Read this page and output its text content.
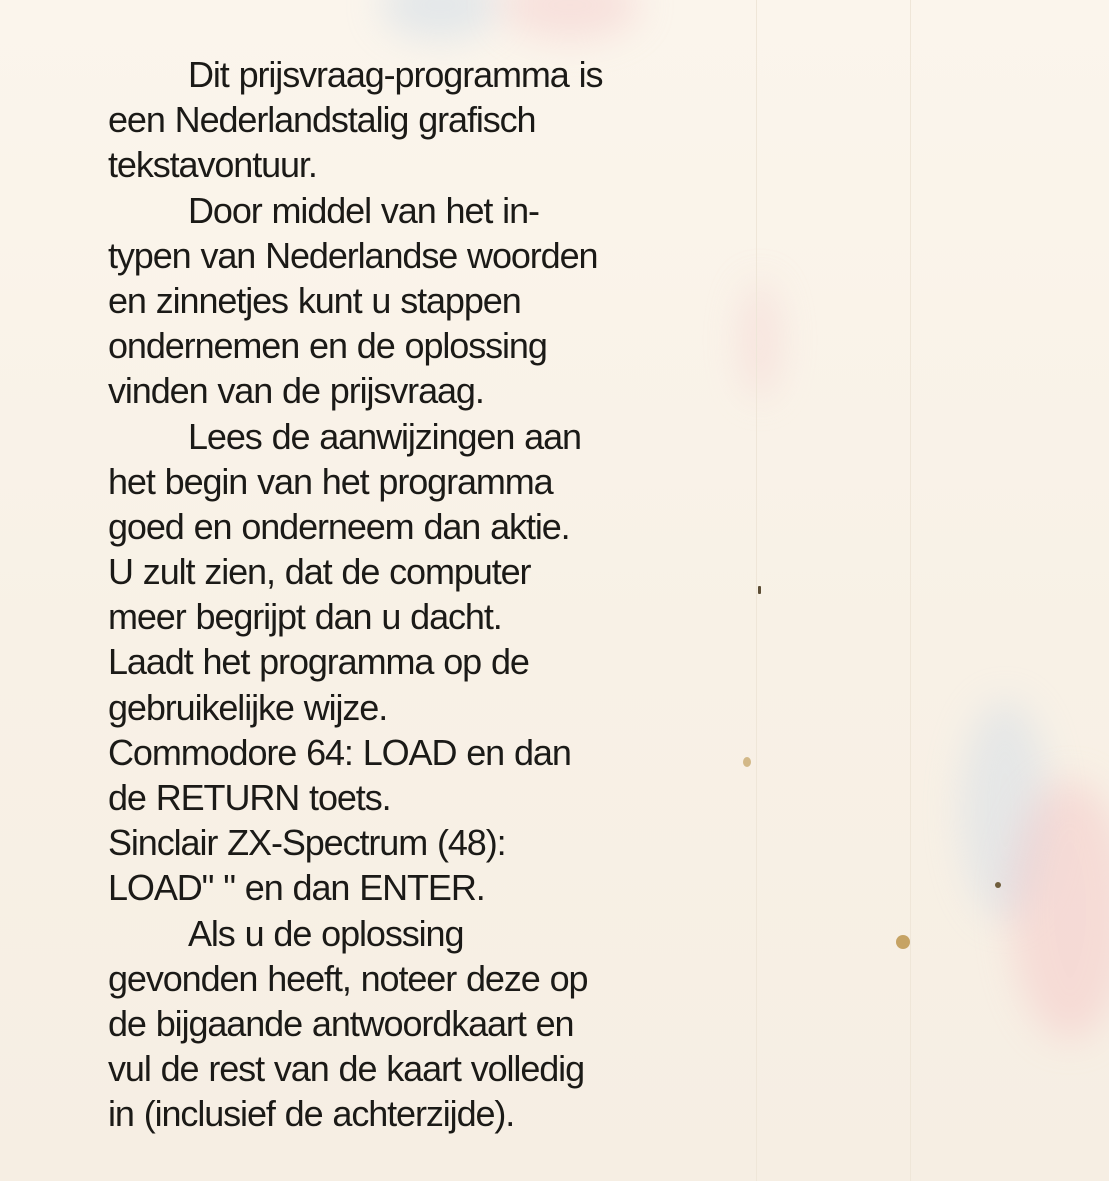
Dit prijsvraag-programma is
een Nederlandstalig grafisch
tekstavontuur.
Door middel van het in-
typen van Nederlandse woorden
en zinnetjes kunt u stappen
ondernemen en de oplossing
vinden van de prijsvraag.
Lees de aanwijzingen aan
het begin van het programma
goed en onderneem dan aktie.
U zult zien, dat de computer
meer begrijpt dan u dacht.
Laadt het programma op de
gebruikelijke wijze.
Commodore 64: LOAD en dan
de RETURN toets.
Sinclair ZX-Spectrum (48):
LOAD" " en dan ENTER.
Als u de oplossing
gevonden heeft, noteer deze op
de bijgaande antwoordkaart en
vul de rest van de kaart volledig
in (inclusief de achterzijde).
